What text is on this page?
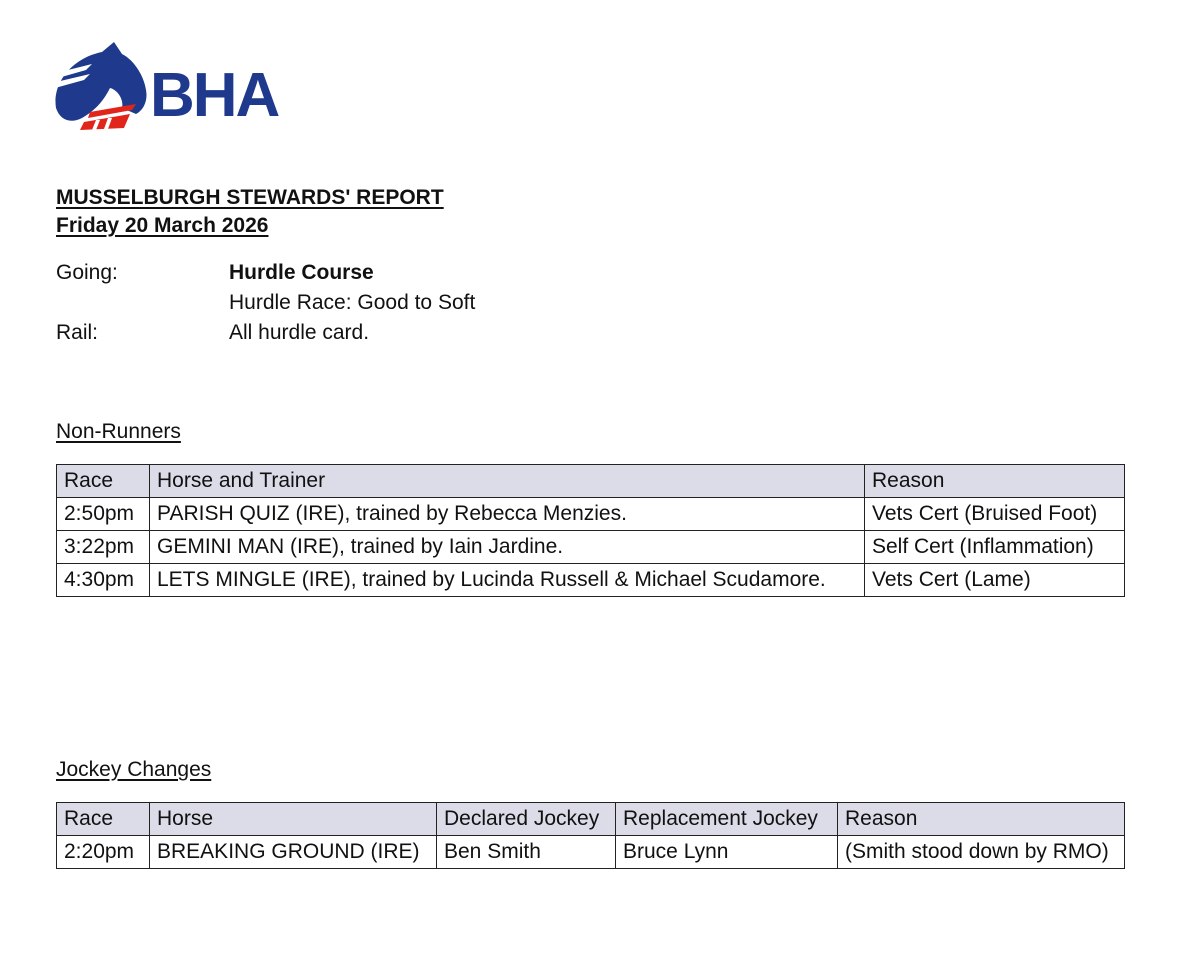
BHA
MUSSELBURGH STEWARDS' REPORT
Friday 20 March 2026
Going:	Hurdle Course
Hurdle Race: Good to Soft
Rail:	All hurdle card.
Non-Runners
Race	Horse and Trainer	Reason
2:50pm	PARISH QUIZ (IRE), trained by Rebecca Menzies.	Vets Cert (Bruised Foot)
3:22pm	GEMINI MAN (IRE), trained by Iain Jardine.	Self Cert (Inflammation)
4:30pm	LETS MINGLE (IRE), trained by Lucinda Russell & Michael Scudamore.	Vets Cert (Lame)
Jockey Changes
Race	Horse	Declared Jockey	Replacement Jockey	Reason
2:20pm	BREAKING GROUND (IRE)	Ben Smith	Bruce Lynn	(Smith stood down by RMO)
